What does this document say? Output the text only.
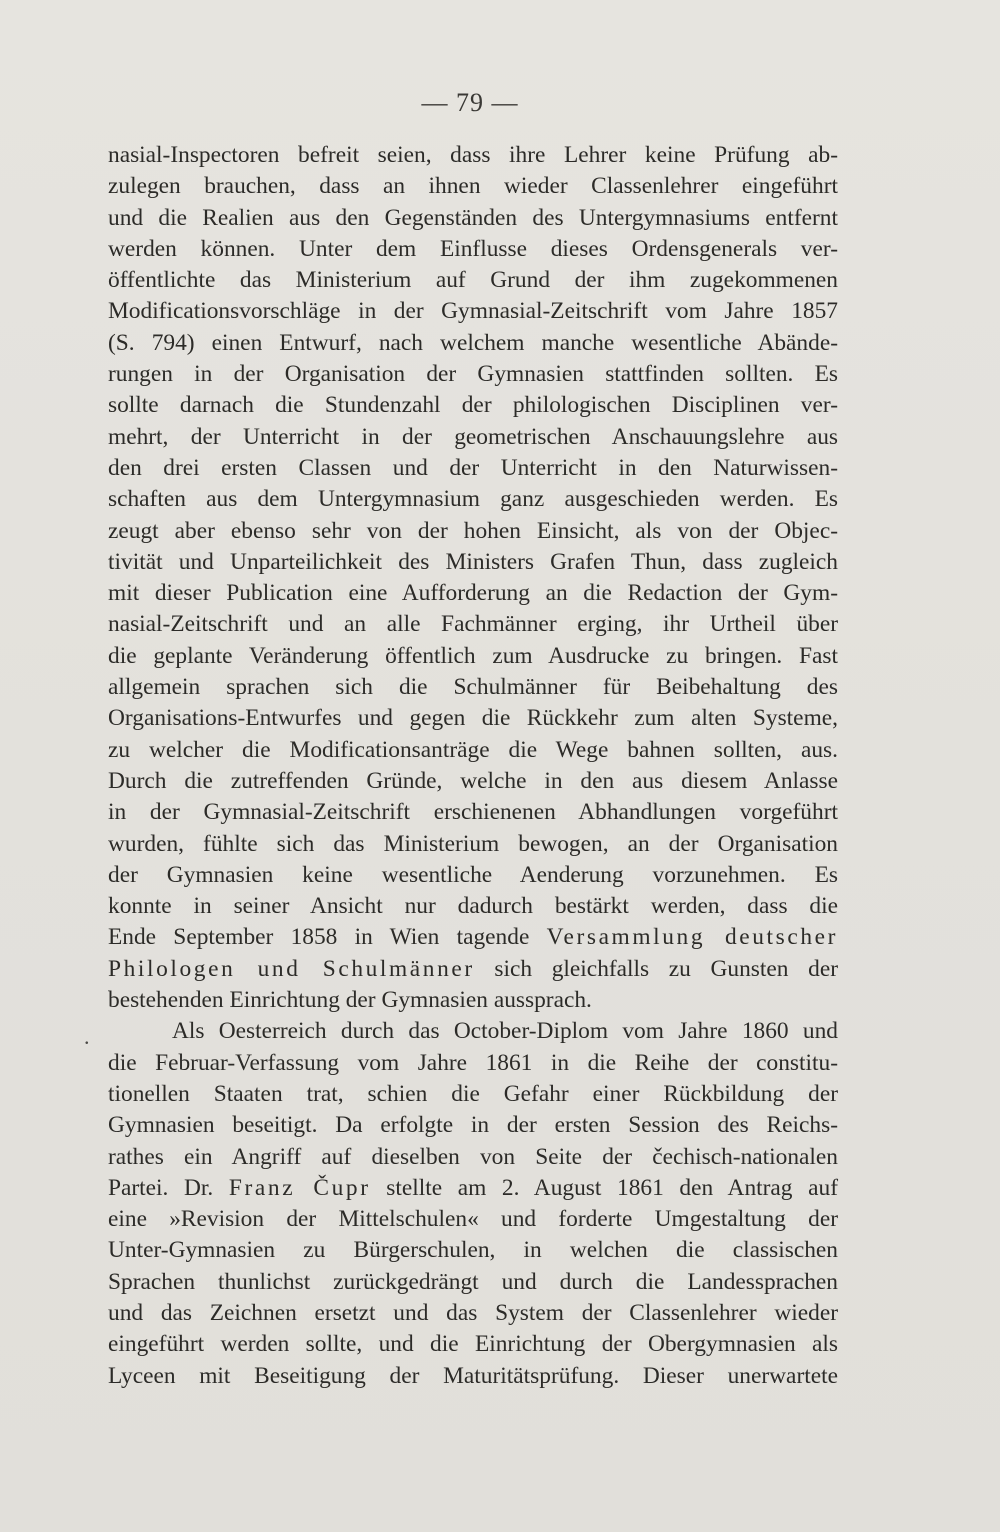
— 79 —
.
nasial-Inspectoren befreit seien, dass ihre Lehrer keine Prüfung ab-
zulegen brauchen, dass an ihnen wieder Classenlehrer eingeführt
und die Realien aus den Gegenständen des Untergymnasiums entfernt
werden können. Unter dem Einflusse dieses Ordensgenerals ver-
öffentlichte das Ministerium auf Grund der ihm zugekommenen
Modificationsvorschläge in der Gymnasial-Zeitschrift vom Jahre 1857
(S. 794) einen Entwurf, nach welchem manche wesentliche Abände-
rungen in der Organisation der Gymnasien stattfinden sollten. Es
sollte darnach die Stundenzahl der philologischen Disciplinen ver-
mehrt, der Unterricht in der geometrischen Anschauungslehre aus
den drei ersten Classen und der Unterricht in den Naturwissen-
schaften aus dem Untergymnasium ganz ausgeschieden werden. Es
zeugt aber ebenso sehr von der hohen Einsicht, als von der Objec-
tivität und Unparteilichkeit des Ministers Grafen Thun, dass zugleich
mit dieser Publication eine Aufforderung an die Redaction der Gym-
nasial-Zeitschrift und an alle Fachmänner erging, ihr Urtheil über
die geplante Veränderung öffentlich zum Ausdrucke zu bringen. Fast
allgemein sprachen sich die Schulmänner für Beibehaltung des
Organisations-Entwurfes und gegen die Rückkehr zum alten Systeme,
zu welcher die Modificationsanträge die Wege bahnen sollten, aus.
Durch die zutreffenden Gründe, welche in den aus diesem Anlasse
in der Gymnasial-Zeitschrift erschienenen Abhandlungen vorgeführt
wurden, fühlte sich das Ministerium bewogen, an der Organisation
der Gymnasien keine wesentliche Aenderung vorzunehmen. Es
konnte in seiner Ansicht nur dadurch bestärkt werden, dass die
Ende September 1858 in Wien tagende Versammlung deutscher
Philologen und Schulmänner sich gleichfalls zu Gunsten der
bestehenden Einrichtung der Gymnasien aussprach.
Als Oesterreich durch das October-Diplom vom Jahre 1860 und
die Februar-Verfassung vom Jahre 1861 in die Reihe der constitu-
tionellen Staaten trat, schien die Gefahr einer Rückbildung der
Gymnasien beseitigt. Da erfolgte in der ersten Session des Reichs-
rathes ein Angriff auf dieselben von Seite der čechisch-nationalen
Partei. Dr. Franz Čupr stellte am 2. August 1861 den Antrag auf
eine »Revision der Mittelschulen« und forderte Umgestaltung der
Unter-Gymnasien zu Bürgerschulen, in welchen die classischen
Sprachen thunlichst zurückgedrängt und durch die Landessprachen
und das Zeichnen ersetzt und das System der Classenlehrer wieder
eingeführt werden sollte, und die Einrichtung der Obergymnasien als
Lyceen mit Beseitigung der Maturitätsprüfung. Dieser unerwartete
